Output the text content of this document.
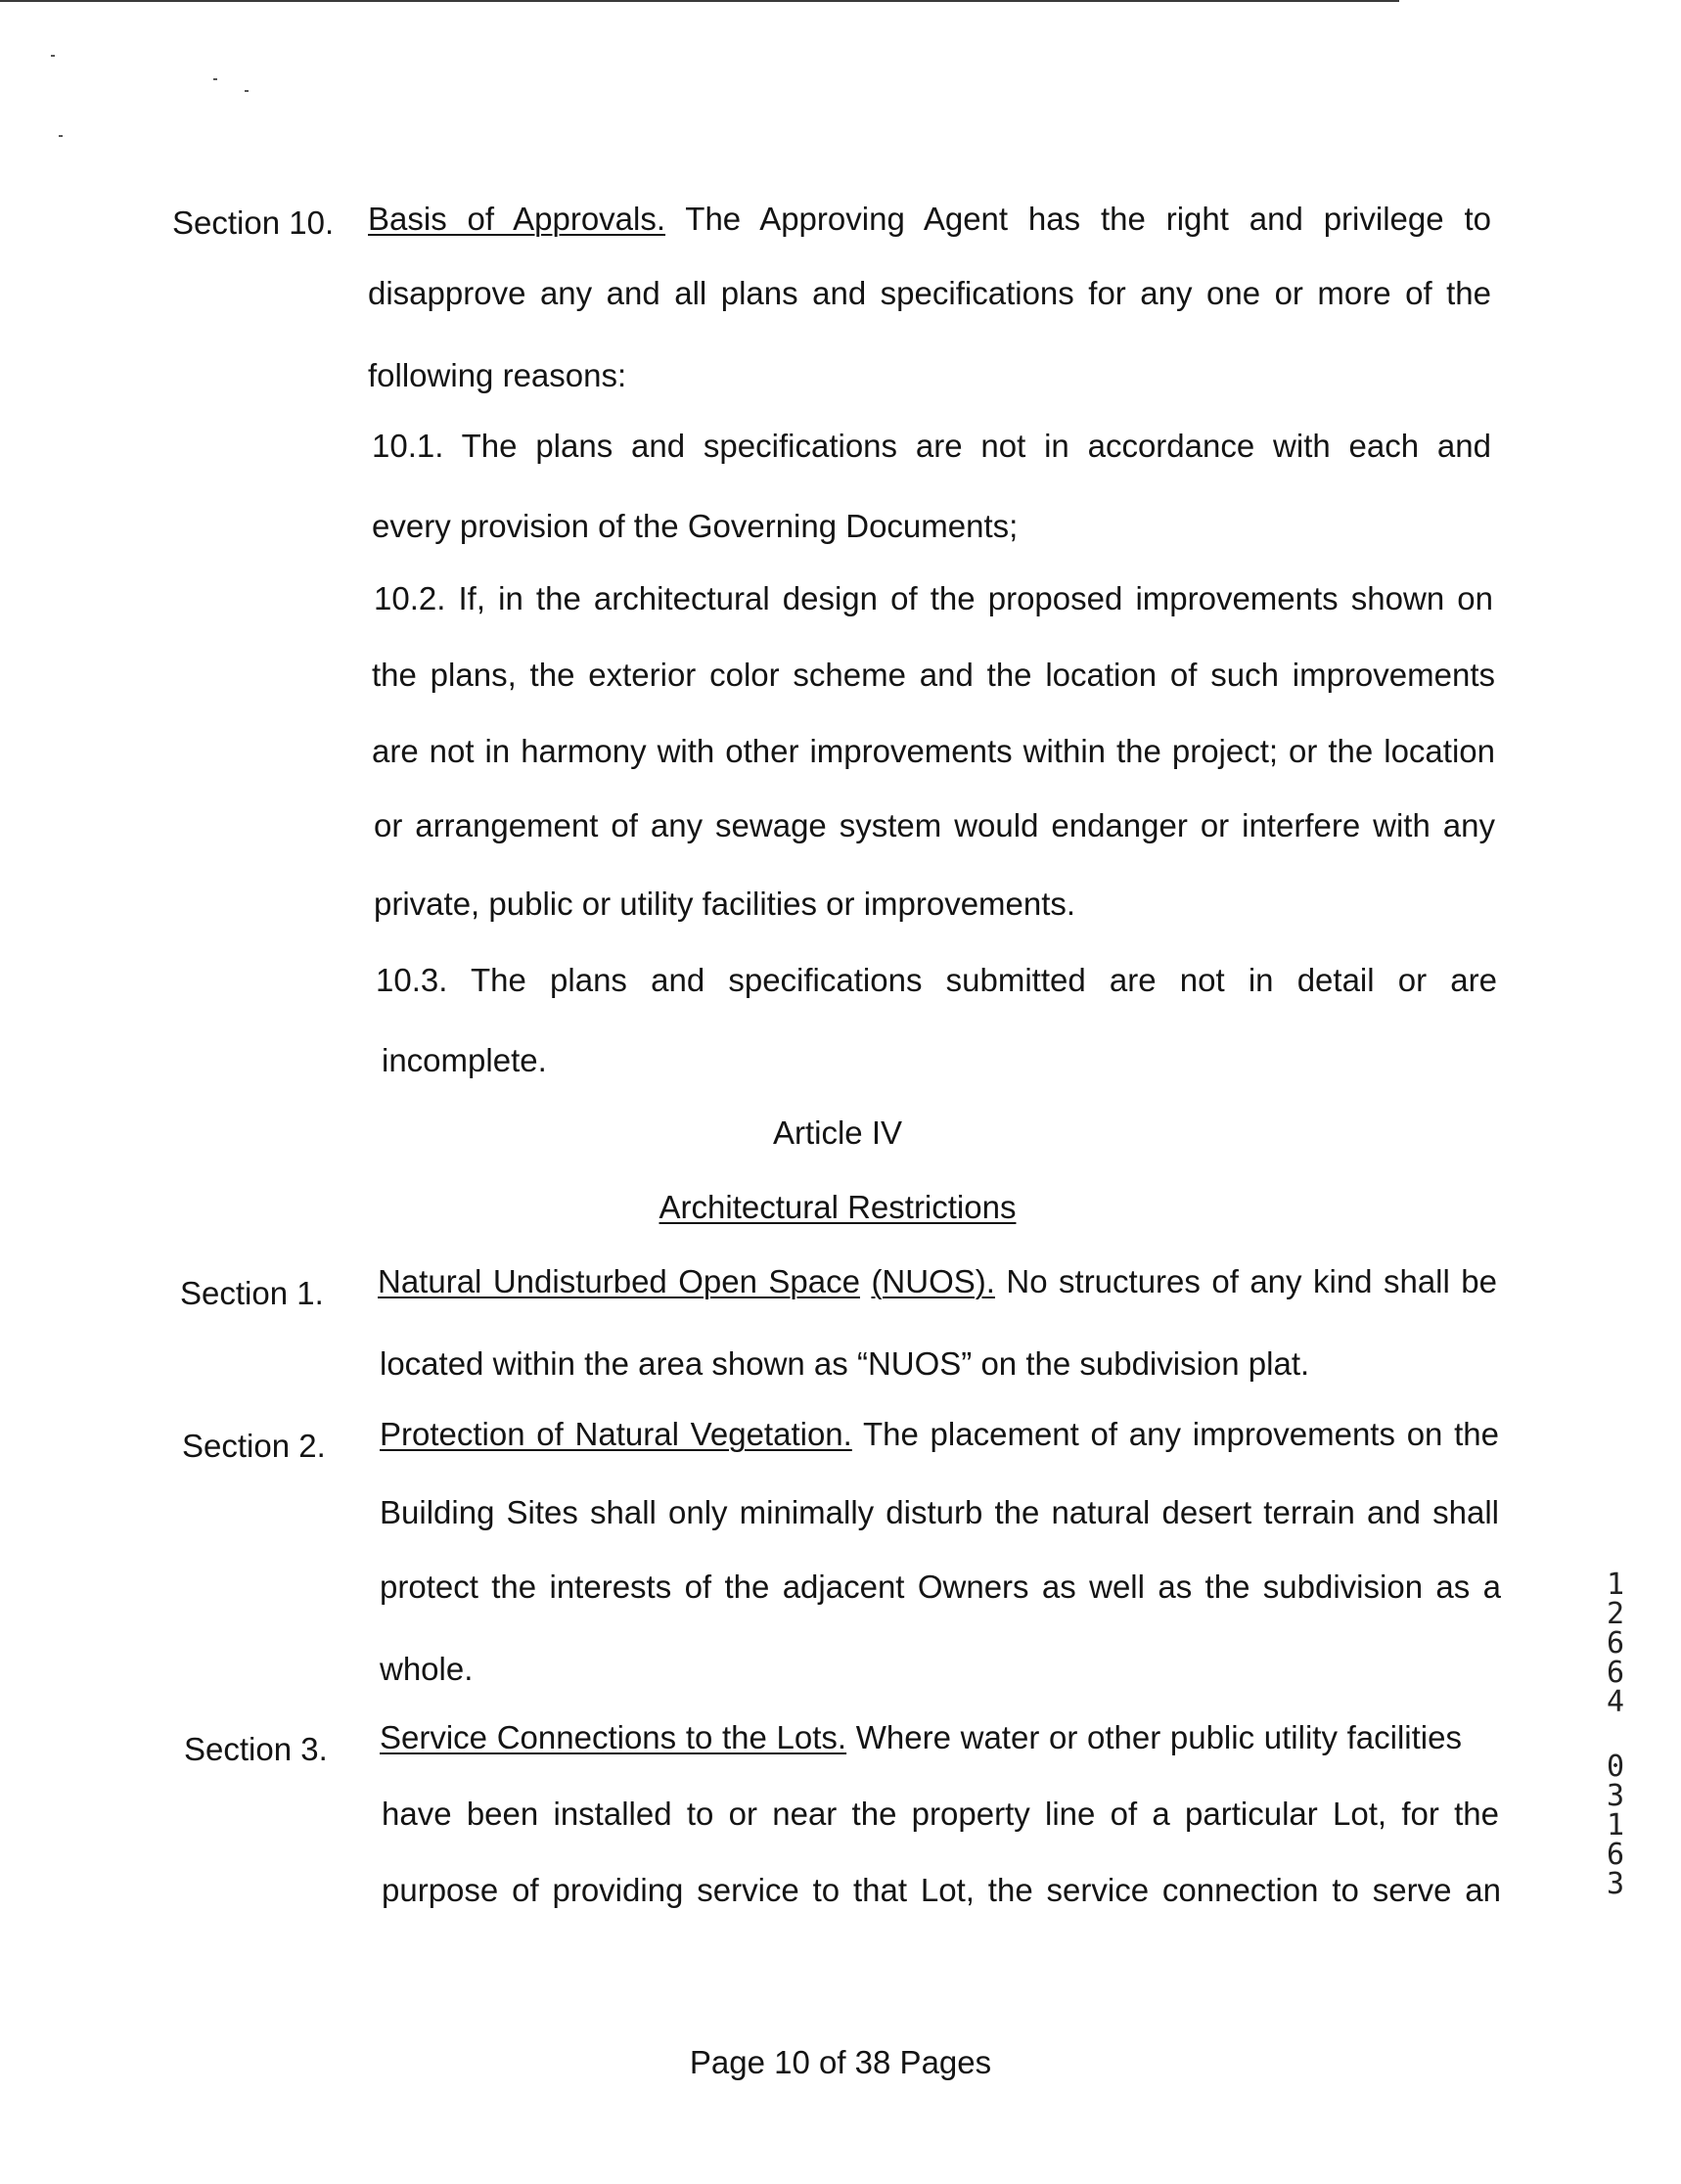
Section 10. Basis of Approvals. The Approving Agent has the right and privilege to
disapprove any and all plans and specifications for any one or more of the
following reasons:
10.1. The plans and specifications are not in accordance with each and
every provision of the Governing Documents;
10.2. If, in the architectural design of the proposed improvements shown on
the plans, the exterior color scheme and the location of such improvements
are not in harmony with other improvements within the project; or the location
or arrangement of any sewage system would endanger or interfere with any
private, public or utility facilities or improvements.
10.3. The plans and specifications submitted are not in detail or are
incomplete.
Article IV
Architectural Restrictions
Section 1. Natural Undisturbed Open Space (NUOS). No structures of any kind shall be
located within the area shown as “NUOS” on the subdivision plat.
Section 2. Protection of Natural Vegetation. The placement of any improvements on the
Building Sites shall only minimally disturb the natural desert terrain and shall
protect the interests of the adjacent Owners as well as the subdivision as a
whole.
Section 3. Service Connections to the Lots. Where water or other public utility facilities
have been installed to or near the property line of a particular Lot, for the
purpose of providing service to that Lot, the service connection to serve an
1
2
6
6
4
0
3
1
6
3
Page 10 of 38 Pages
